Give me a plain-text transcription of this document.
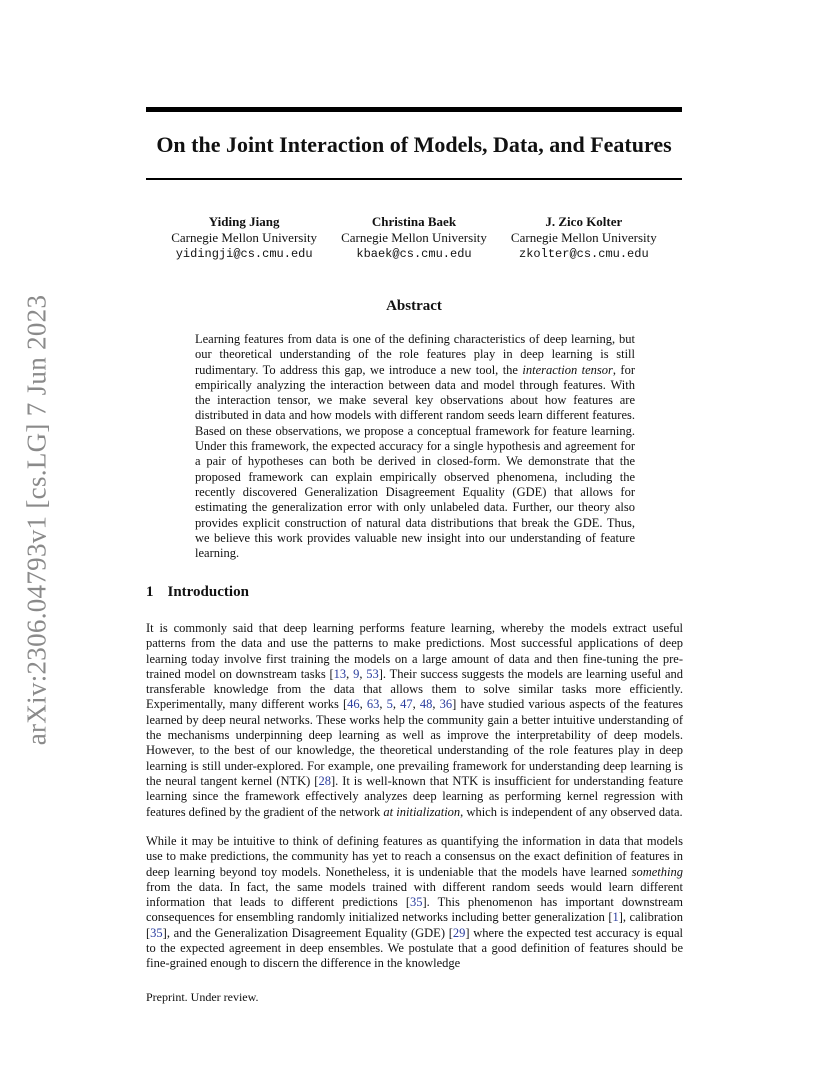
arXiv:2306.04793v1 [cs.LG] 7 Jun 2023
On the Joint Interaction of Models, Data, and Features
Yiding Jiang
Carnegie Mellon University
yidingji@cs.cmu.edu
Christina Baek
Carnegie Mellon University
kbaek@cs.cmu.edu
J. Zico Kolter
Carnegie Mellon University
zkolter@cs.cmu.edu
Abstract

Learning features from data is one of the defining characteristics of deep learning, but our theoretical understanding of the role features play in deep learning is still rudimentary. To address this gap, we introduce a new tool, the interaction tensor, for empirically analyzing the interaction between data and model through features. With the interaction tensor, we make several key observations about how features are distributed in data and how models with different random seeds learn different features. Based on these observations, we propose a conceptual framework for feature learning. Under this framework, the expected accuracy for a single hypothesis and agreement for a pair of hypotheses can both be derived in closed-form. We demonstrate that the proposed framework can explain empirically observed phenomena, including the recently discovered Generalization Disagreement Equality (GDE) that allows for estimating the generalization error with only unlabeled data. Further, our theory also provides explicit construction of natural data distributions that break the GDE. Thus, we believe this work provides valuable new insight into our understanding of feature learning.

1 Introduction

It is commonly said that deep learning performs feature learning, whereby the models extract useful patterns from the data and use the patterns to make predictions. Most successful applications of deep learning today involve first training the models on a large amount of data and then fine-tuning the pre-trained model on downstream tasks [13, 9, 53]. Their success suggests the models are learning useful and transferable knowledge from the data that allows them to solve similar tasks more efficiently. Experimentally, many different works [46, 63, 5, 47, 48, 36] have studied various aspects of the features learned by deep neural networks. These works help the community gain a better intuitive understanding of the mechanisms underpinning deep learning as well as improve the interpretability of deep models. However, to the best of our knowledge, the theoretical understanding of the role features play in deep learning is still under-explored. For example, one prevailing framework for understanding deep learning is the neural tangent kernel (NTK) [28]. It is well-known that NTK is insufficient for understanding feature learning since the framework effectively analyzes deep learning as performing kernel regression with features defined by the gradient of the network at initialization, which is independent of any observed data.

While it may be intuitive to think of defining features as quantifying the information in data that models use to make predictions, the community has yet to reach a consensus on the exact definition of features in deep learning beyond toy models. Nonetheless, it is undeniable that the models have learned something from the data. In fact, the same models trained with different random seeds would learn different information that leads to different predictions [35]. This phenomenon has important downstream consequences for ensembling randomly initialized networks including better generalization [1], calibration [35], and the Generalization Disagreement Equality (GDE) [29] where the expected test accuracy is equal to the expected agreement in deep ensembles. We postulate that a good definition of features should be fine-grained enough to discern the difference in the knowledge

Preprint. Under review.
